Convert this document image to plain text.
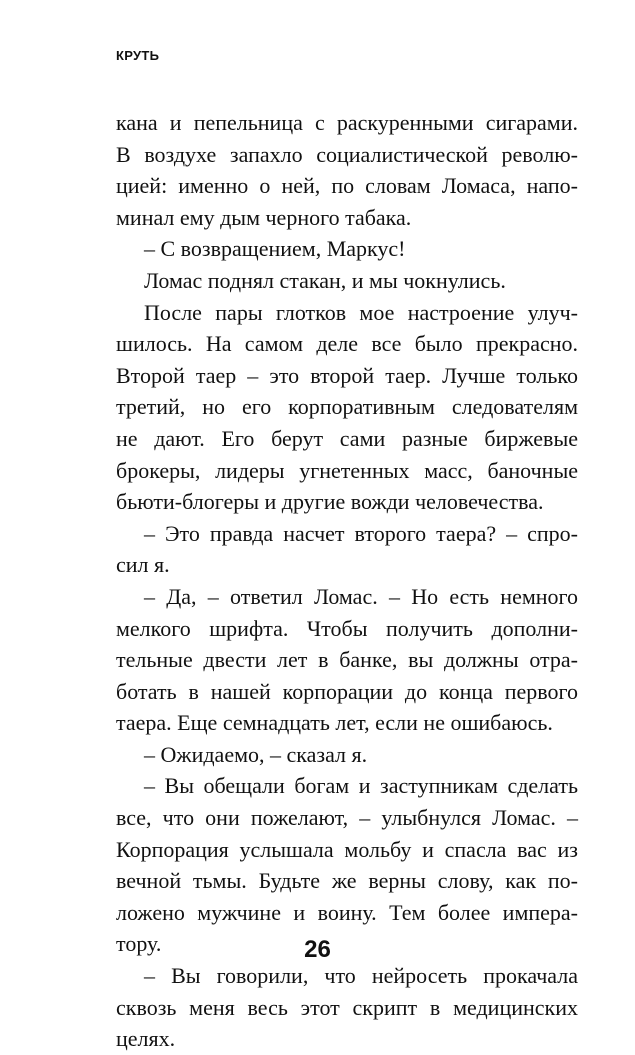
КРУТЬ
кана и пепельница с раскуренными сигарами.
В воздухе запахло социалистической револю-
цией: именно о ней, по словам Ломаса, напо-
минал ему дым черного табака.
– С возвращением, Маркус!
Ломас поднял стакан, и мы чокнулись.
После пары глотков мое настроение улуч-
шилось. На самом деле все было прекрасно.
Второй таер – это второй таер. Лучше только
третий, но его корпоративным следователям
не дают. Его берут сами разные биржевые
брокеры, лидеры угнетенных масс, баночные
бьюти-блогеры и другие вожди человечества.
– Это правда насчет второго таера? – спро-
сил я.
– Да, – ответил Ломас. – Но есть немного
мелкого шрифта. Чтобы получить дополни-
тельные двести лет в банке, вы должны отра-
ботать в нашей корпорации до конца первого
таера. Еще семнадцать лет, если не ошибаюсь.
– Ожидаемо, – сказал я.
– Вы обещали богам и заступникам сделать
все, что они пожелают, – улыбнулся Ломас. –
Корпорация услышала мольбу и спасла вас из
вечной тьмы. Будьте же верны слову, как по-
ложено мужчине и воину. Тем более импера-
тору.
– Вы говорили, что нейросеть прокачала
сквозь меня весь этот скрипт в медицинских
целях.
26
